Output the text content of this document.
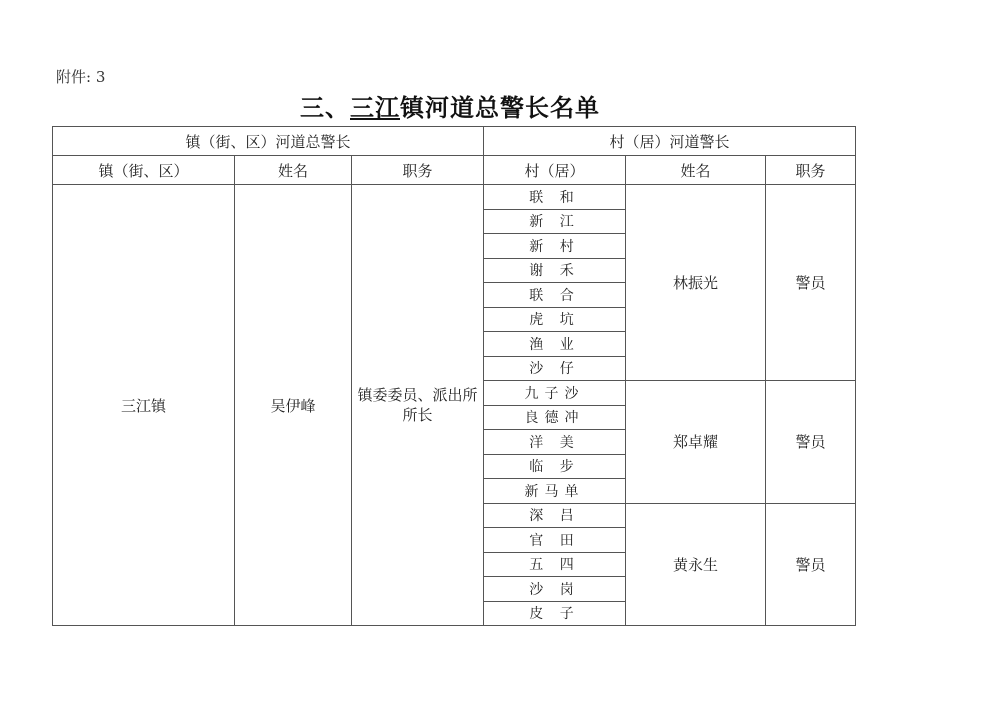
附件: 3
三、三江镇河道总警长名单
镇（街、区）河道总警长			村（居）河道警长		
镇（街、区）	姓名	职务	村（居）	姓名	职务
三江镇	吴伊峰	镇委委员、派出所所长	联 和	林振光	警员
			新 江		
			新 村		
			谢 禾		
			联 合		
			虎 坑		
			渔 业		
			沙 仔		
			九子沙	郑卓耀	警员
			良德冲		
			洋 美		
			临 步		
			新马单		
			深 吕	黄永生	警员
			官 田		
			五 四		
			沙 岗		
			皮 子		
